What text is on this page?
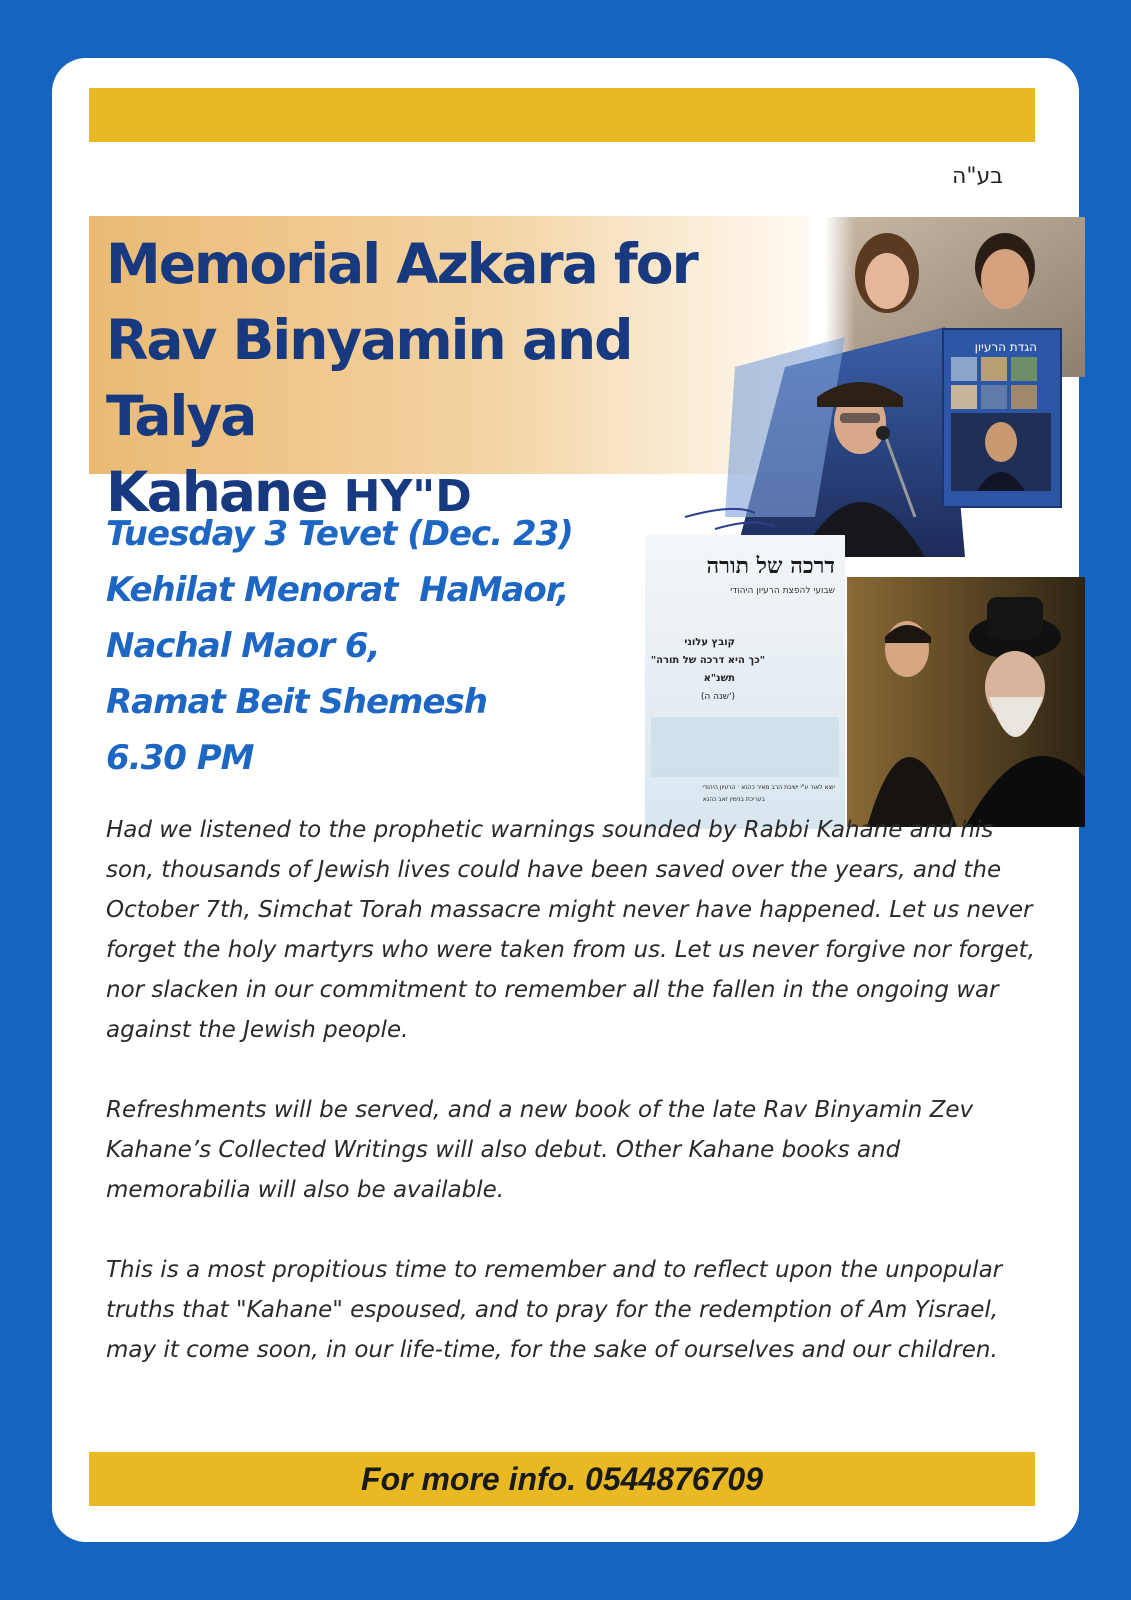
בע"ה
Memorial Azkara for
Rav Binyamin and Talya
Kahane HY"D
Tuesday 3 Tevet (Dec. 23)
Kehilat Menorat  HaMaor,
Nachal Maor 6,
Ramat Beit Shemesh
6.30 PM
הגדת הרעיון
דרכה של תורה
שבועי להפצת הרעיון היהודי
קובץ עלוני
"כך היא דרכה של תורה"
תשנ"א
(שנה ה')
יוצא לאור ע"י ישיבת הרב מאיר כהנא · הרעיון היהודי
בעריכת בנימין זאב כהנא

Had we listened to the prophetic warnings sounded by Rabbi Kahane and his son, thousands of Jewish lives could have been saved over the years, and the October 7th, Simchat Torah massacre might never have happened. Let us never forget the holy martyrs who were taken from us. Let us never forgive nor forget, nor slacken in our commitment to remember all the fallen in the ongoing war against the Jewish people.

Refreshments will be served, and a new book of the late Rav Binyamin Zev Kahane’s Collected Writings will also debut. Other Kahane books and memorabilia will also be available.

This is a most propitious time to remember and to reflect upon the unpopular truths that "Kahane" espoused, and to pray for the redemption of Am Yisrael, may it come soon, in our life-time, for the sake of ourselves and our children.

For more info. 0544876709
